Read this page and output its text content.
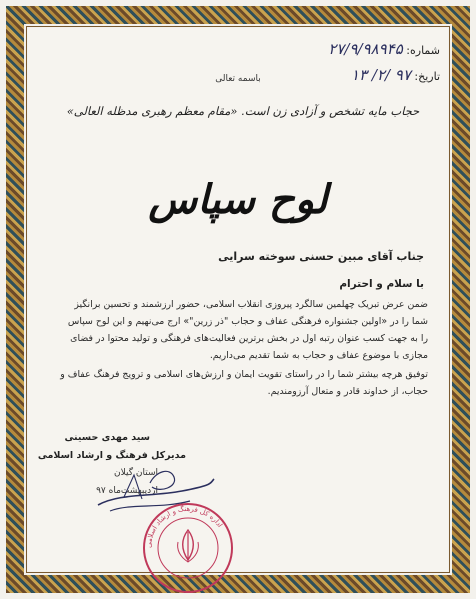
شماره: ۲۷/۹/۹۸۹۴۵
تاریخ: ۹۷ /۲/ ۱۳
باسمه تعالی
حجاب مایه تشخص و آزادی زن است. «مقام معظم رهبری مدظله العالی»
لوح سپاس
جناب آقای مبین حسنی سوخته سرایی
با سلام و احترام

ضمن عرض تبریک چهلمین سالگرد پیروزی انقلاب اسلامی، حضور ارزشمند و تحسین برانگیز شما را در «اولین جشنواره فرهنگی عفاف و حجاب "ذر زرین"» ارج می‌نهیم و این لوح سپاس را به جهت کسب عنوان رتبه اول در بخش برترین فعالیت‌های فرهنگی و تولید محتوا در فضای مجازی با موضوع عفاف و حجاب به شما تقدیم می‌داریم.

توفیق هرچه بیشتر شما را در راستای تقویت ایمان و ارزش‌های اسلامی و ترویج فرهنگ عفاف و حجاب، از خداوند قادر و متعال آرزومندیم.

سید مهدی حسینی
مدیرکل فرهنگ و ارشاد اسلامی
استان گیلان
اردیبهشت‌ماه ۹۷
اداره کل فرهنگ و ارشاد اسلامی
